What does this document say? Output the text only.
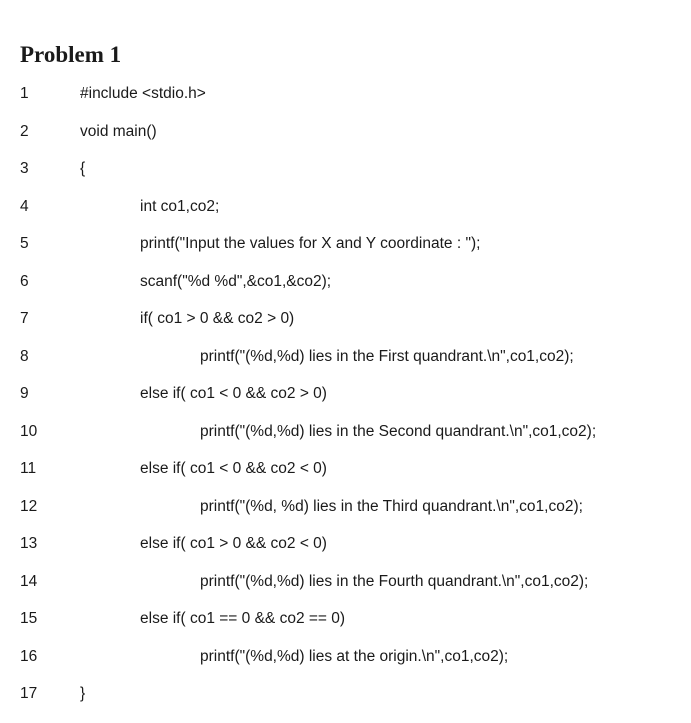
Problem 1
1	#include <stdio.h>
2	void main()
3	{
4	int co1,co2;
5	printf("Input the values for X and Y coordinate : ");
6	scanf("%d %d",&co1,&co2);
7	if( co1 > 0 && co2 > 0)
8	printf("(%d,%d) lies in the First quandrant.\n",co1,co2);
9	else if( co1 < 0 && co2 > 0)
10	printf("(%d,%d) lies in the Second quandrant.\n",co1,co2);
11	else if( co1 < 0 && co2 < 0)
12	printf("(%d, %d) lies in the Third quandrant.\n",co1,co2);
13	else if( co1 > 0 && co2 < 0)
14	printf("(%d,%d) lies in the Fourth quandrant.\n",co1,co2);
15	else if( co1 == 0 && co2 == 0)
16	printf("(%d,%d) lies at the origin.\n",co1,co2);
17	}
